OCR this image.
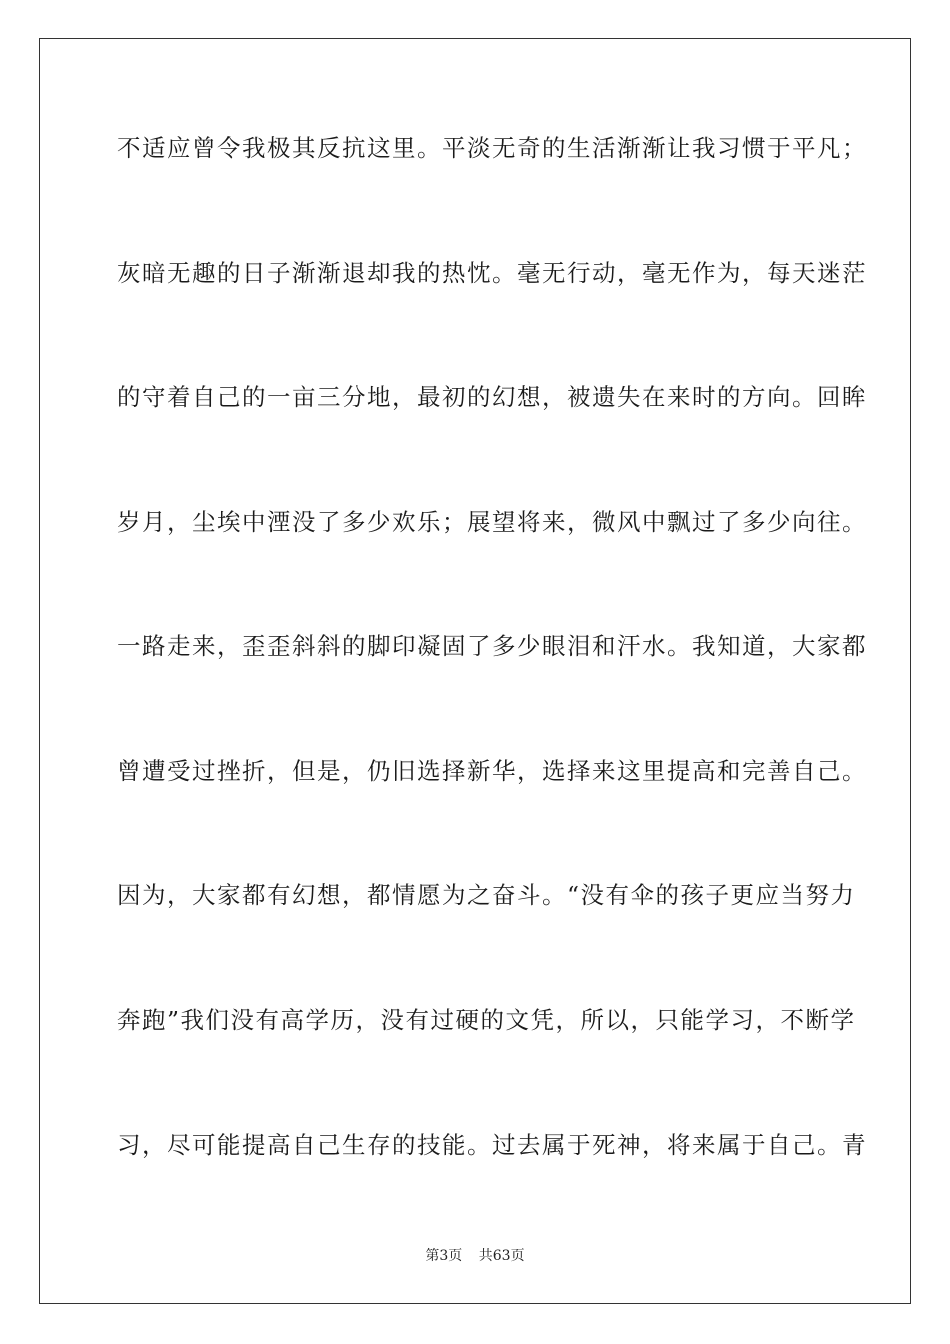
不适应曾令我极其反抗这里。平淡无奇的生活渐渐让我习惯于平凡；
灰暗无趣的日子渐渐退却我的热忱。毫无行动，毫无作为，每天迷茫
的守着自己的一亩三分地，最初的幻想，被遗失在来时的方向。回眸
岁月，尘埃中湮没了多少欢乐；展望将来，微风中飘过了多少向往。
一路走来，歪歪斜斜的脚印凝固了多少眼泪和汗水。我知道，大家都
曾遭受过挫折，但是，仍旧选择新华，选择来这里提高和完善自己。
因为，大家都有幻想，都情愿为之奋斗。“没有伞的孩子更应当努力
奔跑”我们没有高学历，没有过硬的文凭，所以，只能学习，不断学
习，尽可能提高自己生存的技能。过去属于死神，将来属于自己。青
第3页 共63页
